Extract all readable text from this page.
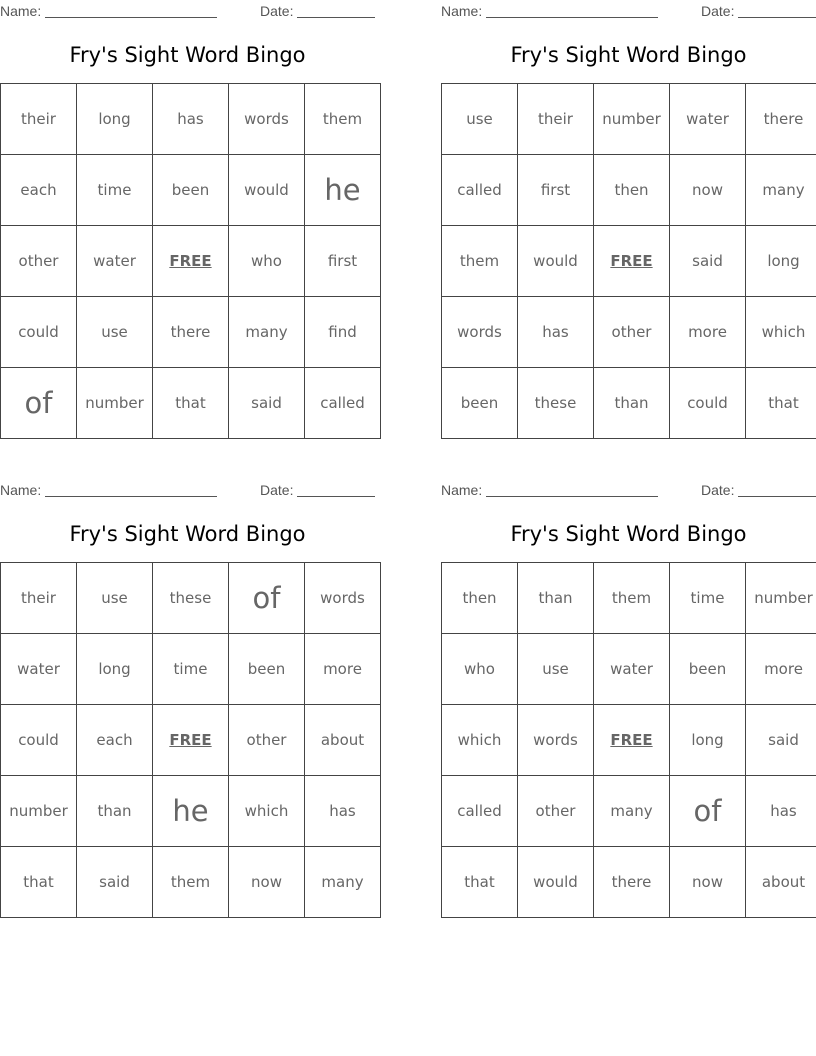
Name:	Date:
Fry's Sight Word Bingo
their	long	has	words	them
each	time	been	would	he
other	water	FREE	who	first
could	use	there	many	find
of	number	that	said	called
Name:	Date:
Fry's Sight Word Bingo
use	their	number	water	there
called	first	then	now	many
them	would	FREE	said	long
words	has	other	more	which
been	these	than	could	that
Name:	Date:
Fry's Sight Word Bingo
their	use	these	of	words
water	long	time	been	more
could	each	FREE	other	about
number	than	he	which	has
that	said	them	now	many
Name:	Date:
Fry's Sight Word Bingo
then	than	them	time	number
who	use	water	been	more
which	words	FREE	long	said
called	other	many	of	has
that	would	there	now	about
